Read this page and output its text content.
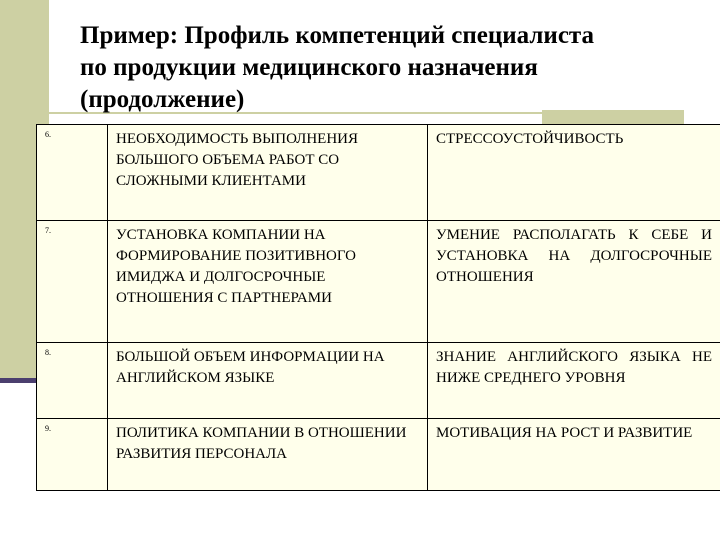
Пример: Профиль компетенций специалиста
по продукции медицинского назначения
(продолжение)
6.	НЕОБХОДИМОСТЬ ВЫПОЛНЕНИЯ БОЛЬШОГО ОБЪЕМА РАБОТ СО СЛОЖНЫМИ КЛИЕНТАМИ	СТРЕССОУСТОЙЧИВОСТЬ
7.	УСТАНОВКА КОМПАНИИ НА ФОРМИРОВАНИЕ ПОЗИТИВНОГО ИМИДЖА И ДОЛГОСРОЧНЫЕ ОТНОШЕНИЯ С ПАРТНЕРАМИ	УМЕНИЕ РАСПОЛАГАТЬ К СЕБЕ И УСТАНОВКА НА ДОЛГОСРОЧНЫЕ ОТНОШЕНИЯ
8.	БОЛЬШОЙ ОБЪЕМ ИНФОРМАЦИИ НА АНГЛИЙСКОМ ЯЗЫКЕ	ЗНАНИЕ АНГЛИЙСКОГО ЯЗЫКА НЕ НИЖЕ СРЕДНЕГО УРОВНЯ
9.	ПОЛИТИКА КОМПАНИИ В ОТНОШЕНИИ РАЗВИТИЯ ПЕРСОНАЛА	МОТИВАЦИЯ НА РОСТ И РАЗВИТИЕ
